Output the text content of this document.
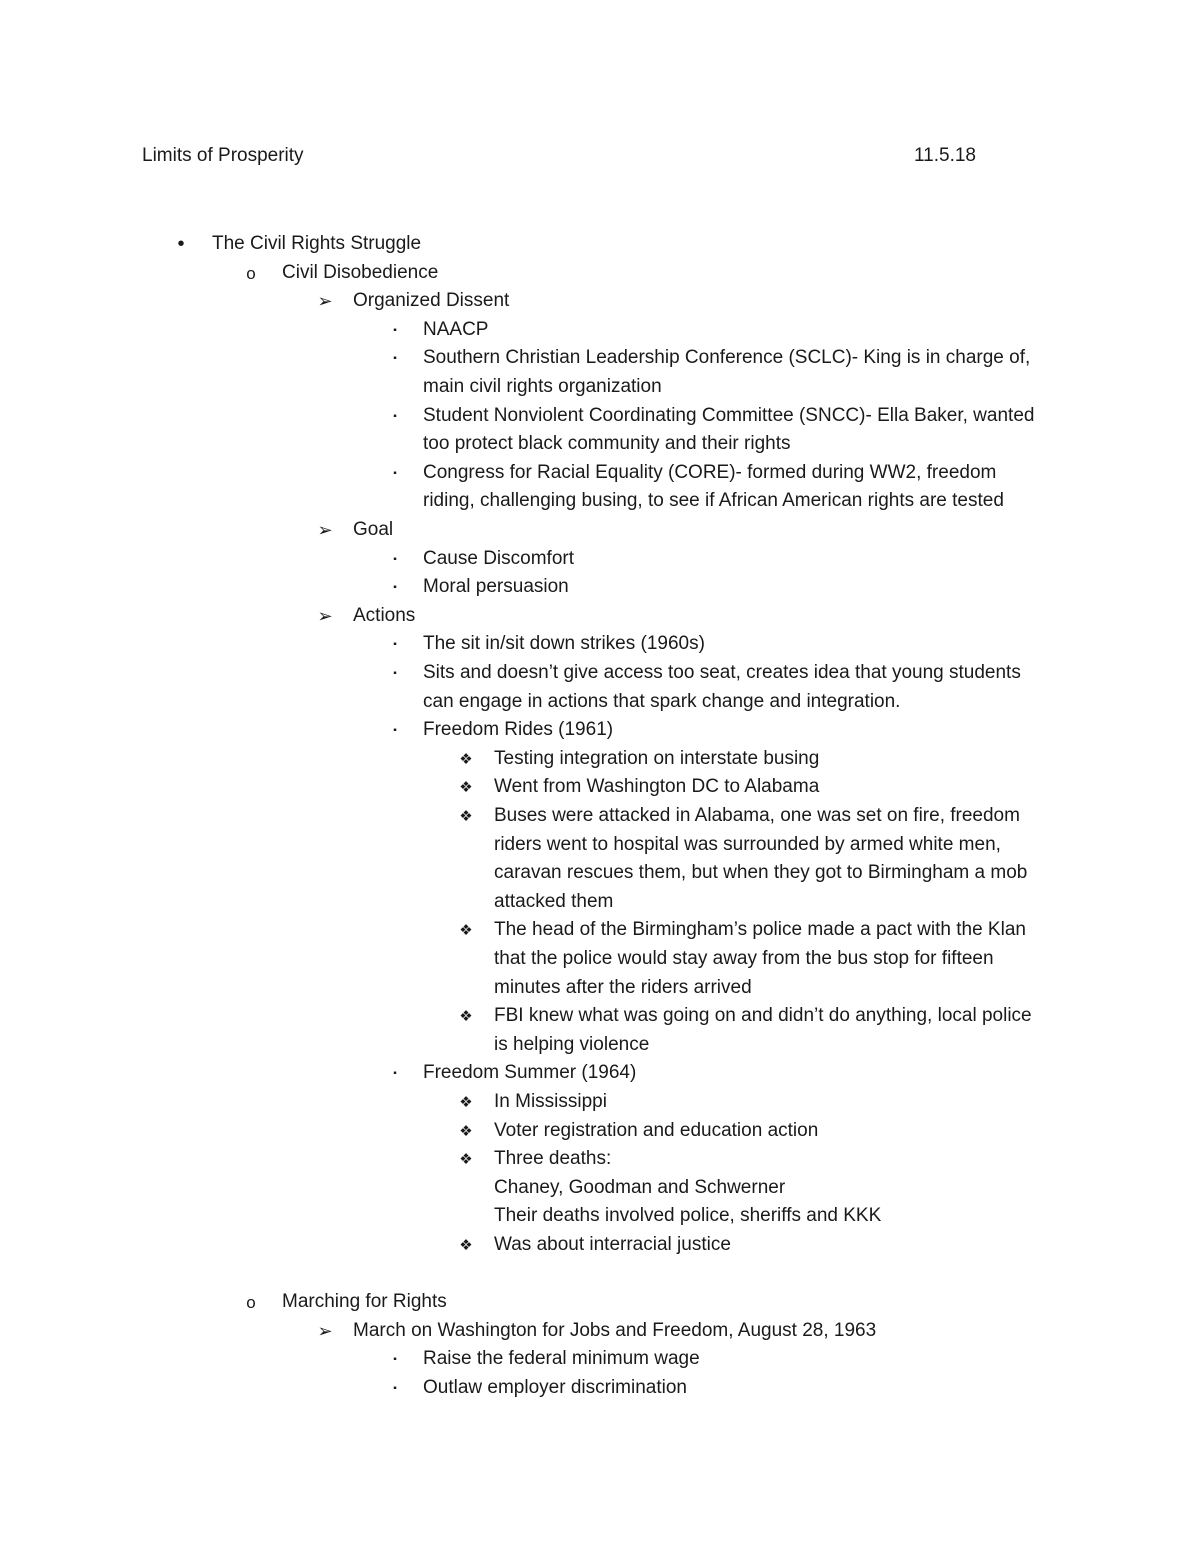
Limits of Prosperity	11.5.18
•	The Civil Rights Struggle
o	Civil Disobedience
➢ Organized Dissent
▪	NAACP
▪	Southern Christian Leadership Conference (SCLC)- King is in charge of,
main civil rights organization
▪	Student Nonviolent Coordinating Committee (SNCC)- Ella Baker, wanted
too protect black community and their rights
▪	Congress for Racial Equality (CORE)- formed during WW2, freedom
riding, challenging busing, to see if African American rights are tested
➢ Goal
▪	Cause Discomfort
▪	Moral persuasion
➢ Actions
▪	The sit in/sit down strikes (1960s)
▪	Sits and doesn’t give access too seat, creates idea that young students
can engage in actions that spark change and integration.
▪	Freedom Rides (1961)
❖ Testing integration on interstate busing
❖ Went from Washington DC to Alabama
❖ Buses were attacked in Alabama, one was set on fire, freedom
riders went to hospital was surrounded by armed white men,
caravan rescues them, but when they got to Birmingham a mob
attacked them
❖ The head of the Birmingham’s police made a pact with the Klan
that the police would stay away from the bus stop for fifteen
minutes after the riders arrived
❖ FBI knew what was going on and didn’t do anything, local police
is helping violence
▪	Freedom Summer (1964)
❖ In Mississippi
❖ Voter registration and education action
❖ Three deaths:
Chaney, Goodman and Schwerner
Their deaths involved police, sheriffs and KKK
❖ Was about interracial justice
o	Marching for Rights
➢ March on Washington for Jobs and Freedom, August 28, 1963
▪	Raise the federal minimum wage
▪	Outlaw employer discrimination
